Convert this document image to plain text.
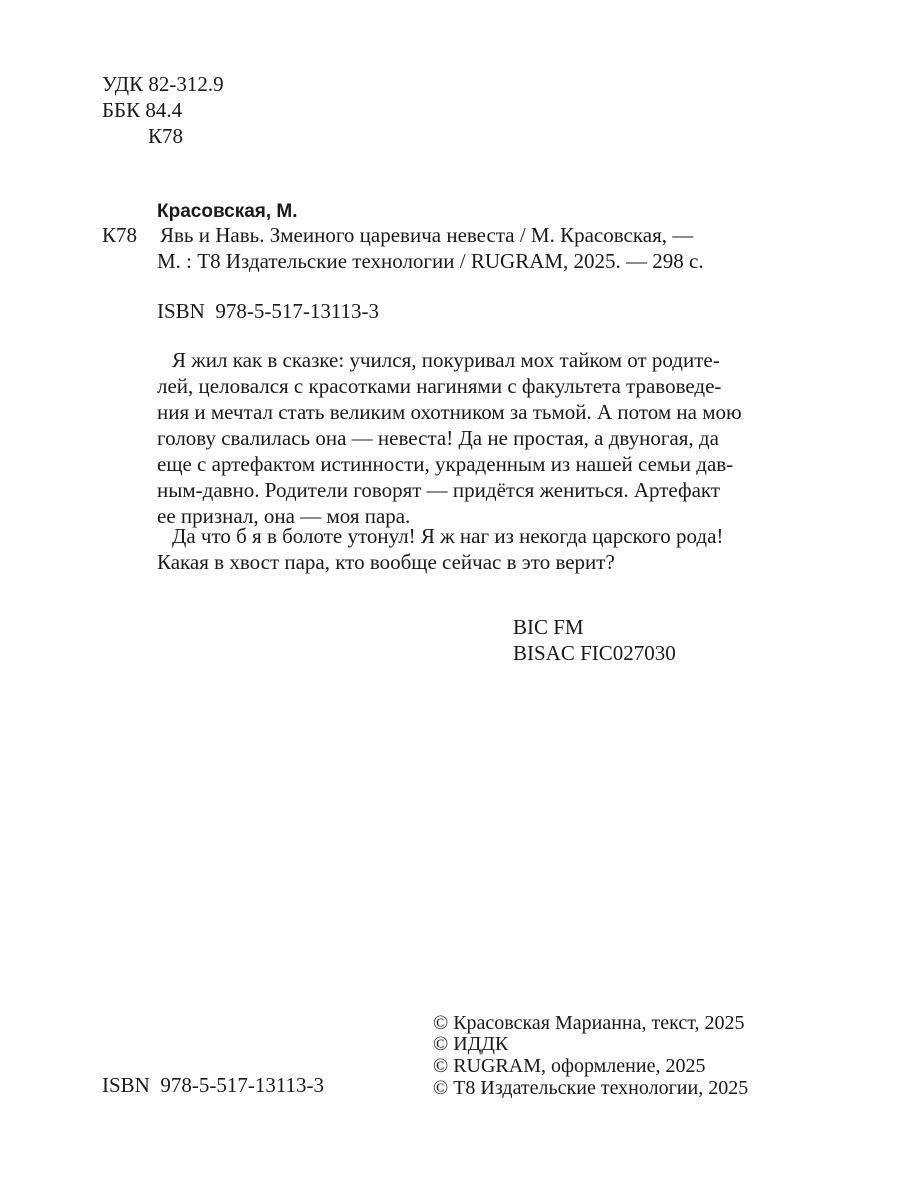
УДК 82-312.9
ББК 84.4
К78
Красовская, М.
К78 Явь и Навь. Змеиного царевича невеста / М. Красовская, —
М. : Т8 Издательские технологии / RUGRAM, 2025. — 298 с.
ISBN  978-5-517-13113-3
Я жил как в сказке: учился, покуривал мох тайком от родите-
лей, целовался с красотками нагинями с факультета травоведе-
ния и мечтал стать великим охотником за тьмой. А потом на мою
голову свалилась она — невеста! Да не простая, а двуногая, да
еще с артефактом истинности, украденным из нашей семьи дав-
ным-давно. Родители говорят — придётся жениться. Артефакт
ее признал, она — моя пара.
Да что б я в болоте утонул! Я ж наг из некогда царского рода!
Какая в хвост пара, кто вообще сейчас в это верит?
BIC FM
BISAC FIC027030
ISBN  978-5-517-13113-3
© Красовская Марианна, текст, 2025
© ИДДК
© RUGRAM, оформление, 2025
© Т8 Издательские технологии, 2025
